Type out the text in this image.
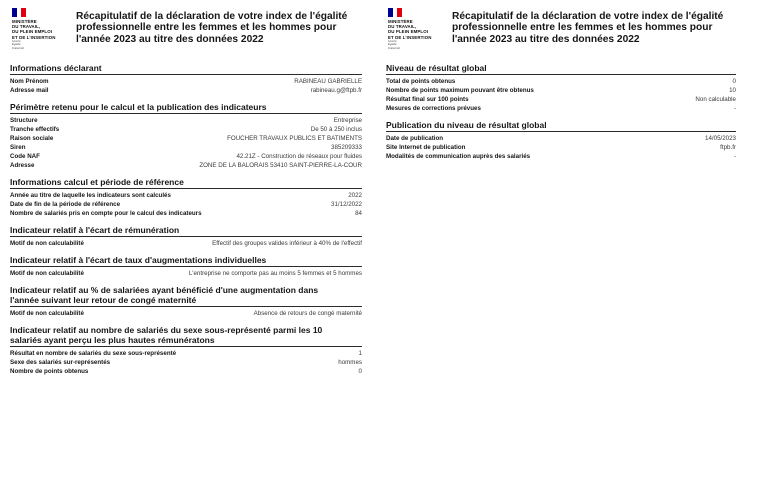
MINISTÈRE
DU TRAVAIL,
DU PLEIN EMPLOI
ET DE L'INSERTION
Liberté
Égalité
Fraternité
Récapitulatif de la déclaration de votre index de l'égalité
professionnelle entre les femmes et les hommes pour
l'année 2023 au titre des données 2022
Informations déclarant
Nom Prénom	RABINEAU GABRIELLE
Adresse mail	rabineau.g@ftpb.fr
Périmètre retenu pour le calcul et la publication des indicateurs
Structure	Entreprise
Tranche effectifs	De 50 à 250 inclus
Raison sociale	FOUCHER TRAVAUX PUBLICS ET BATIMENTS
Siren	385209333
Code NAF	42.21Z - Construction de réseaux pour fluides
Adresse	ZONE DE LA BALORAIS 53410 SAINT-PIERRE-LA-COUR
Informations calcul et période de référence
Année au titre de laquelle les indicateurs sont calculés	2022
Date de fin de la période de référence	31/12/2022
Nombre de salariés pris en compte pour le calcul des indicateurs	84
Indicateur relatif à l'écart de rémunération
Motif de non calculabilité	Effectif des groupes valides inférieur à 40% de l'effectif
Indicateur relatif à l'écart de taux d'augmentations individuelles
Motif de non calculabilité	L'entreprise ne comporte pas au moins 5 femmes et 5 hommes
Indicateur relatif au % de salariées ayant bénéficié d'une augmentation dans
l'année suivant leur retour de congé maternité
Motif de non calculabilité	Absence de retours de congé maternité
Indicateur relatif au nombre de salariés du sexe sous-représenté parmi les 10
salariés ayant perçu les plus hautes rémunératons
Résultat en nombre de salariés du sexe sous-représenté	1
Sexe des salariés sur-représentés	hommes
Nombre de points obtenus	0
MINISTÈRE
DU TRAVAIL,
DU PLEIN EMPLOI
ET DE L'INSERTION
Liberté
Égalité
Fraternité
Récapitulatif de la déclaration de votre index de l'égalité
professionnelle entre les femmes et les hommes pour
l'année 2023 au titre des données 2022
Niveau de résultat global
Total de points obtenus	0
Nombre de points maximum pouvant être obtenus	10
Résultat final sur 100 points	Non calculable
Mesures de corrections prévues	-
Publication du niveau de résultat global
Date de publication	14/05/2023
Site Internet de publication	ftpb.fr
Modalités de communication auprès des salariés	-
